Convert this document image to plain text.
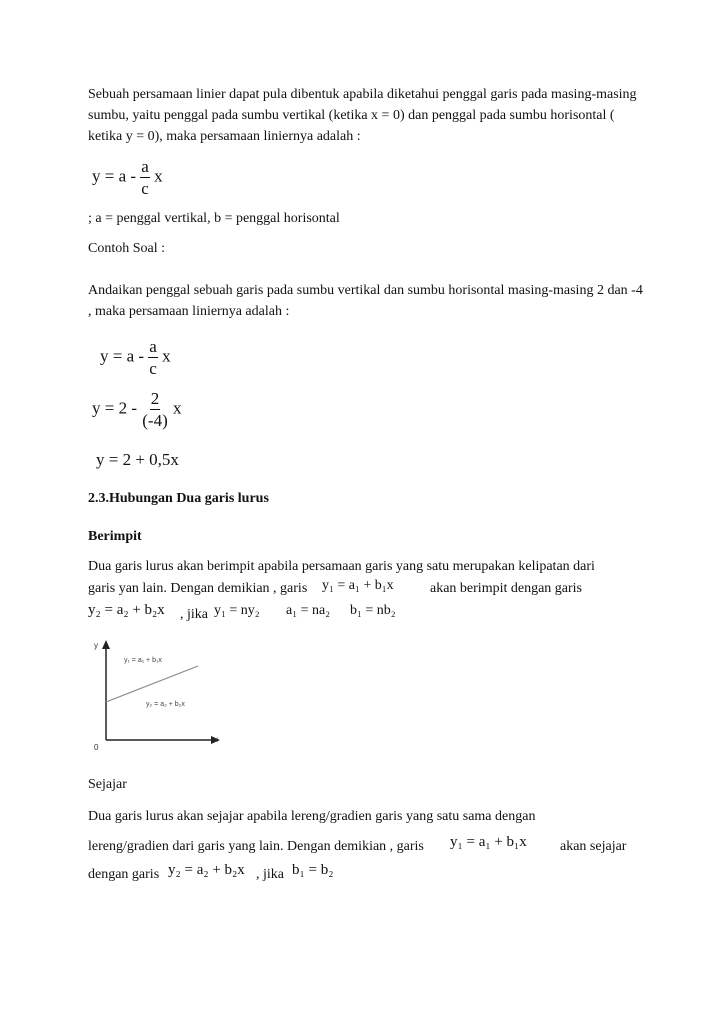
Sebuah persamaan linier dapat pula dibentuk apabila diketahui penggal garis pada masing-masing sumbu, yaitu penggal pada sumbu vertikal (ketika x = 0) dan penggal pada sumbu horisontal ( ketika y = 0), maka persamaan liniernya adalah :

$y = a - \frac{a}{c}$ x

; a = penggal vertikal, b = penggal horisontal

Contoh Soal :

Andaikan penggal sebuah garis pada sumbu vertikal dan sumbu horisontal masing-masing 2 dan -4 , maka persamaan liniernya adalah :

$y = a - \frac{a}{c}$ x
$y = 2 - \frac{2}{(-4)}$ x
y = 2 + 0,5x

2.3.Hubungan Dua garis lurus

Berimpit

Dua garis lurus akan berimpit apabila persamaan garis yang satu merupakan kelipatan dari

garis yan lain. Dengan demikian , garis y₁ = a₁ + b₁x	akan berimpit dengan garis
y₂ = a₂ + b₂x , jika y₁ = ny₂ a₁ = na₂ b₁ = nb₂
y
x
0
y₁ = a₁ + b₁x
y₂ = a₂ + b₂x

Sejajar

Dua garis lurus akan sejajar apabila lereng/gradien garis yang satu sama dengan

lereng/gradien dari garis yang lain. Dengan demikian , garis y₁ = a₁ + b₁x akan sejajar
dengan garis y₂ = a₂ + b₂x , jika b₁ = b₂
